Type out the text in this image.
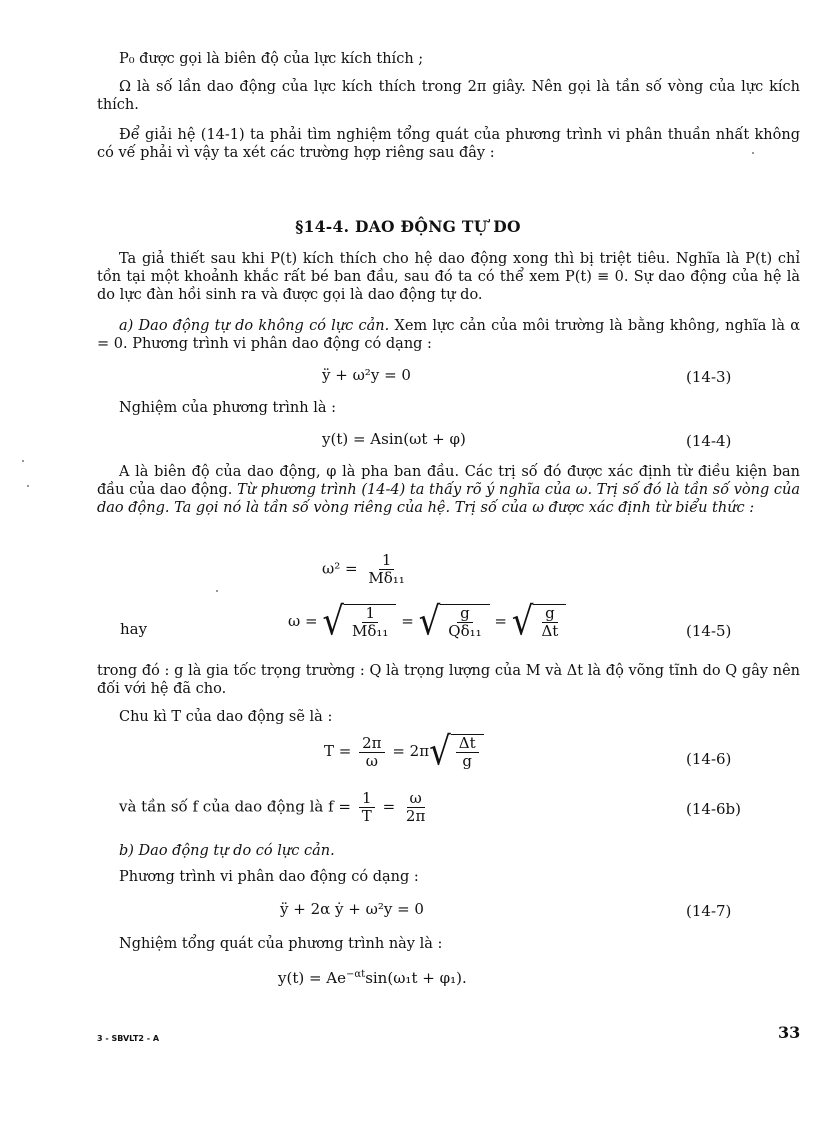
P₀ được gọi là biên độ của lực kích thích ;

Ω là số lần dao động của lực kích thích trong 2π giây. Nên gọi là tần số vòng của lực kích thích.

Để giải hệ (14-1) ta phải tìm nghiệm tổng quát của phương trình vi phân thuần nhất không có vế phải vì vậy ta xét các trường hợp riêng sau đây :

§14-4. DAO ĐỘNG TỰ DO

Ta giả thiết sau khi P(t) kích thích cho hệ dao động xong thì bị triệt tiêu. Nghĩa là P(t) chỉ tồn tại một khoảnh khắc rất bé ban đầu, sau đó ta có thể xem P(t) ≡ 0. Sự dao động của hệ là do lực đàn hồi sinh ra và được gọi là dao động tự do.

a) Dao động tự do không có lực cản. Xem lực cản của môi trường là bằng không, nghĩa là α = 0. Phương trình vi phân dao động có dạng :

ÿ + ω²y = 0	(14-3)

Nghiệm của phương trình là :

y(t) = Asin(ωt + φ)	(14-4)

A là biên độ của dao động, φ là pha ban đầu. Các trị số đó được xác định từ điều kiện ban đầu của dao động. Từ phương trình (14-4) ta thấy rõ ý nghĩa của ω. Trị số đó là tần số vòng của dao động. Ta gọi nó là tần số vòng riêng của hệ. Trị số của ω được xác định từ biểu thức :

$\omega^2 = \frac{1}{\text{Mδ₁₁}}$
hay	ω = √ $\frac{1}{\text{Mδ₁₁}}$ = √ $\frac{g}{\text{Qδ₁₁}}$ = √ $\frac{g}{\Delta t}$	(14-5)

trong đó : g là gia tốc trọng trường : Q là trọng lượng của M và Δt là độ võng tĩnh do Q gây nên đối với hệ đã cho.

Chu kì T của dao động sẽ là :

$T = \frac{2\pi}{\omega} = 2\pi$ √ $\frac{\Delta t}{g}$	(14-6)
và tần số f của dao động là $f = \frac{1}{T} = \frac{\omega}{2\pi}$	(14-6b)

b) Dao động tự do có lực cản.

Phương trình vi phân dao động có dạng :

ÿ + 2α ẏ + ω²y = 0	(14-7)

Nghiệm tổng quát của phương trình này là :

$y(t) = Ae^{-\alpha t}\sin(\omega_1t + \varphi_1)$.
3 - SBVLT2 - A	33
